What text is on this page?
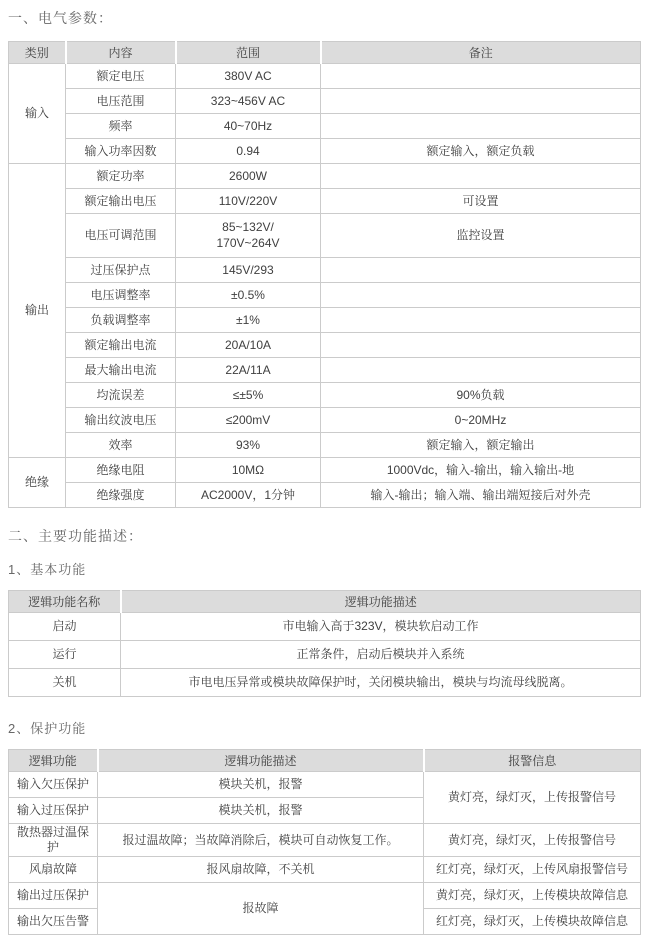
一、电气参数：
类别	内容	范围	备注
输入	额定电压	380V AC	
	电压范围	323~456V AC	
	频率	40~70Hz	
	输入功率因数	0.94	额定输入，额定负载
输出	额定功率	2600W	
	额定输出电压	110V/220V	可设置
	电压可调范围	85~132V/
170V~264V	监控设置
	过压保护点	145V/293	
	电压调整率	±0.5%	
	负载调整率	±1%	
	额定输出电流	20A/10A	
	最大输出电流	22A/11A	
	均流误差	≤±5%	90%负载
	输出纹波电压	≤200mV	0~20MHz
	效率	93%	额定输入，额定输出
绝缘	绝缘电阻	10MΩ	1000Vdc，输入-输出，输入输出-地
	绝缘强度	AC2000V，1分钟	输入-输出；输入端、输出端短接后对外壳
二、主要功能描述：
1、基本功能
逻辑功能名称	逻辑功能描述
启动	市电输入高于323V，模块软启动工作
运行	正常条件，启动后模块并入系统
关机	市电电压异常或模块故障保护时，关闭模块输出，模块与均流母线脱离。
2、保护功能
逻辑功能	逻辑功能描述	报警信息
输入欠压保护	模块关机，报警	黄灯亮，绿灯灭，上传报警信号
输入过压保护	模块关机，报警	
散热器过温保护	报过温故障；当故障消除后，模块可自动恢复工作。	黄灯亮，绿灯灭，上传报警信号
风扇故障	报风扇故障，不关机	红灯亮，绿灯灭，上传风扇报警信号
输出过压保护	报故障	黄灯亮，绿灯灭，上传模块故障信息
输出欠压告警		红灯亮，绿灯灭，上传模块故障信息
